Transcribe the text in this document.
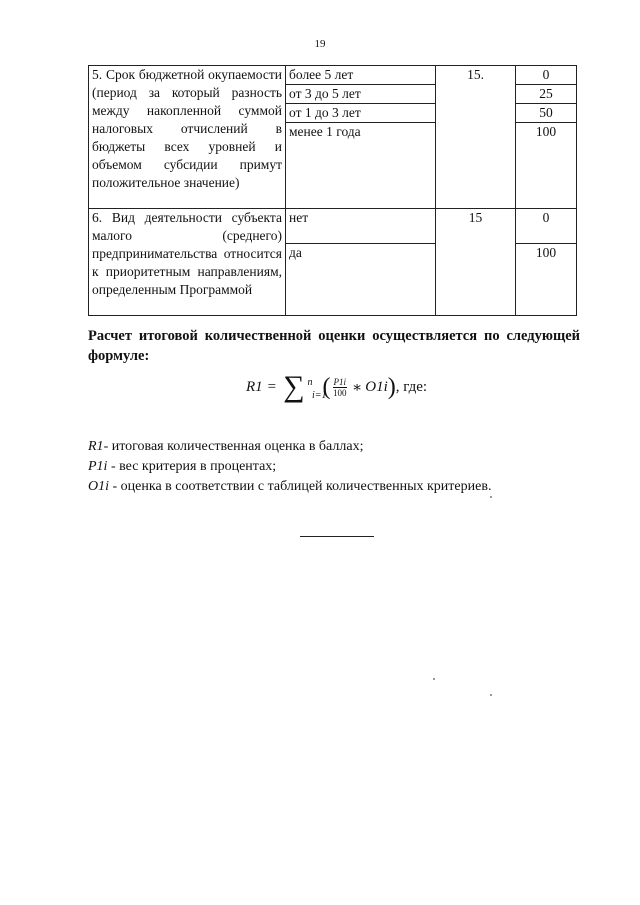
19
5. Срок бюджетной окупаемости (период за который разность между накопленной суммой налоговых отчислений в бюджеты всех уровней и объемом субсидии примут положительное значение)	более 5 лет	15.	0
	от 3 до 5 лет		25
	от 1 до 3 лет		50
	менее 1 года		100
6. Вид деятельности субъекта малого (среднего) предпринимательства относится к приоритетным направлениям, определенным Программой	нет	15	0
	да		100
Расчет итоговой количественной оценки осуществляется по следующей формуле:
R1 = ∑ n
i=1
( $\frac{P1i}{100}$ ∗ O1i ) , где:
R1- итоговая количественная оценка в баллах;
P1i - вес критерия в процентах;
O1i - оценка в соответствии с таблицей количественных критериев.
